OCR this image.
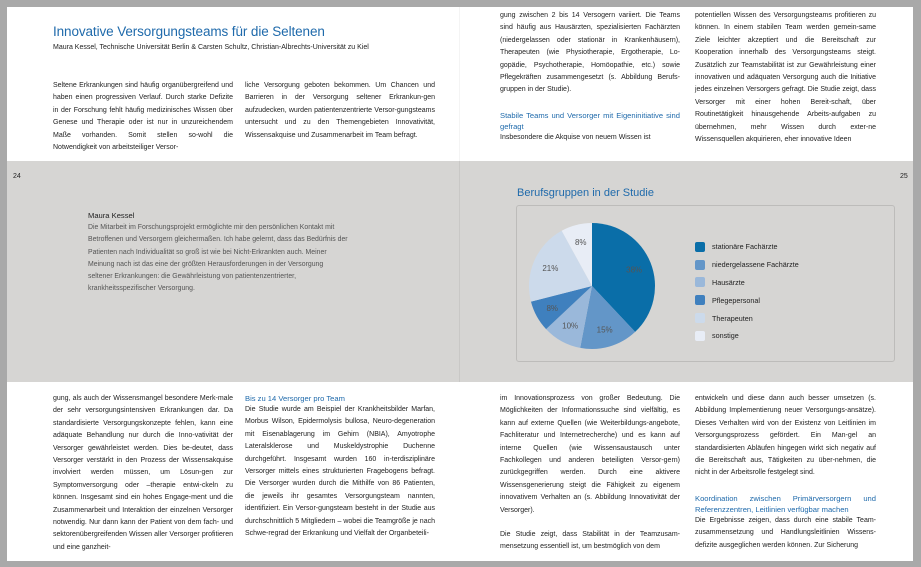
Innovative Versorgungsteams für die Seltenen
Maura Kessel, Technische Universität Berlin & Carsten Schultz, Christian-Albrechts-Universität zu Kiel

Seltene Erkrankungen sind häufig organübergreifend und haben einen progressiven Verlauf. Durch starke Defizite in der Forschung fehlt häufig medizinisches Wissen über Genese und Therapie oder ist nur in unzureichendem Maße vorhanden. Somit stellen so-wohl die Notwendigkeit von arbeitsteiliger Versor-

liche Versorgung geboten bekommen. Um Chancen und Barrieren in der Versorgung seltener Erkrankun-gen aufzudecken, wurden patientenzentrierte Versor-gungsteams untersucht und zu den Themengebieten Innovativität, Wissensakquise und Zusammenarbeit im Team befragt.

gung zwischen 2 bis 14 Versogern variiert. Die Teams sind häufig aus Hausärzten, spezialisierten Fachärzten (niedergelassen oder stationär in Krankenhäusern), Therapeuten (wie Physiotherapie, Ergotherapie, Lo-gopädie, Psychotherapie, Homöopathie, etc.) sowie Pflegekräften zusammengesetzt (s. Abbildung Berufs-gruppen in der Studie).

Stabile Teams und Versorger mit Eigeninitiative sind gefragt

Insbesondere die Akquise von neuem Wissen ist

potentiellen Wissen des Versorgungsteams profitieren zu können. In einem stabilen Team werden gemein-same Ziele leichter akzeptiert und die Bereitschaft zur Kooperation innerhalb des Versorgungsteams steigt. Zusätzlich zur Teamstabilität ist zur Gewährleistung einer innovativen und adäquaten Versorgung auch die Initiative jedes einzelnen Versorgers gefragt. Die Studie zeigt, dass Versorger mit einer hohen Bereit-schaft, über Routinetätigkeit hinausgehende Arbeits-aufgaben zu übernehmen, mehr Wissen durch exter-ne Wissensquellen akquirieren, eher innovative Ideen

24	25
Maura Kessel
Die Mitarbeit im Forschungsprojekt ermöglichte mir den persönlichen Kontakt mit Betroffenen und Versorgern gleichermaßen. Ich habe gelernt, dass das Bedürfnis der Patienten nach Individualität so groß ist wie bei Nicht-Erkrankten auch. Meiner Meinung nach ist das eine der größten Herausforderungen in der Versorgung seltener Erkrankungen: die Gewährleistung von patientenzentrierter, krankheitsspezifischer Versorgung.
Berufsgruppen in der Studie
38%
15%
10%
8%
21%
8%	stationäre Fachärzte
niedergelassene Fachärzte
Hausärzte
Pflegepersonal
Therapeuten
sonstige

gung, als auch der Wissensmangel besondere Merk-male der sehr versorgungsintensiven Erkrankungen dar. Da standardisierte Versorgungskonzepte fehlen, kann eine adäquate Behandlung nur durch die Inno-vativität der Versorger gewährleistet werden. Dies be-deutet, dass Versorger verstärkt in den Prozess der Wissensakquise involviert werden müssen, um Lösun-gen zur Symptomversorgung oder –therapie entwi-ckeln zu können. Insgesamt sind ein hohes Engage-ment und die Zusammenarbeit und Interaktion der einzelnen Versorger notwendig. Nur dann kann der Patient von dem fach- und sektorenübergreifenden Wissen aller Versorger profitieren und eine ganzheit-

Bis zu 14 Versorger pro Team

Die Studie wurde am Beispiel der Krankheitsbilder Marfan, Morbus Wilson, Epidermolysis bullosa, Neuro-degeneration mit Eisenablagerung im Gehirn (NBIA), Amyotrophe Lateralsklerose und Muskeldystrophie Duchenne durchgeführt. Insgesamt wurden 160 in-terdisziplinäre Versorger mittels eines strukturierten Fragebogens befragt. Die Versorger wurden durch die Mithilfe von 86 Patienten, die jeweils ihr gesamtes Versorgungsteam nannten, identifiziert. Ein Versor-gungsteam besteht in der Studie aus durchschnittlich 5 Mitgliedern – wobei die Teamgröße je nach Schwe-regrad der Erkrankung und Vielfalt der Organbeteili-

im Innovationsprozess von großer Bedeutung. Die Möglichkeiten der Informationssuche sind vielfältig, es kann auf externe Quellen (wie Weiterbildungs-angebote, Fachliteratur und Internetrecherche) und es kann auf interne Quellen (wie Wissensaustausch unter Fachkollegen und anderen beteiligten Versor-gern) zurückgegriffen werden. Durch eine aktivere Wissensgenerierung steigt die Fähigkeit zu eigenem innovativem Verhalten an (s. Abbildung Innovativität der Versorger).

Die Studie zeigt, dass Stabilität in der Teamzusam-mensetzung essentiell ist, um bestmöglich von dem

entwickeln und diese dann auch besser umsetzen (s. Abbildung Implementierung neuer Versorgungs-ansätze). Dieses Verhalten wird von der Existenz von Leitlinien im Versorgungsprozess gefördert. Ein Man-gel an standardisierten Abläufen hingegen wirkt sich negativ auf die Bereitschaft aus, Tätigkeiten zu über-nehmen, die nicht in der Arbeitsrolle festgelegt sind.

Koordination zwischen Primärversorgern und Referenzzentren, Leitlinien verfügbar machen

Die Ergebnisse zeigen, dass durch eine stabile Team-zusammensetzung und Handlungsleitlinien Wissens-defizite ausgeglichen werden können. Zur Sicherung
